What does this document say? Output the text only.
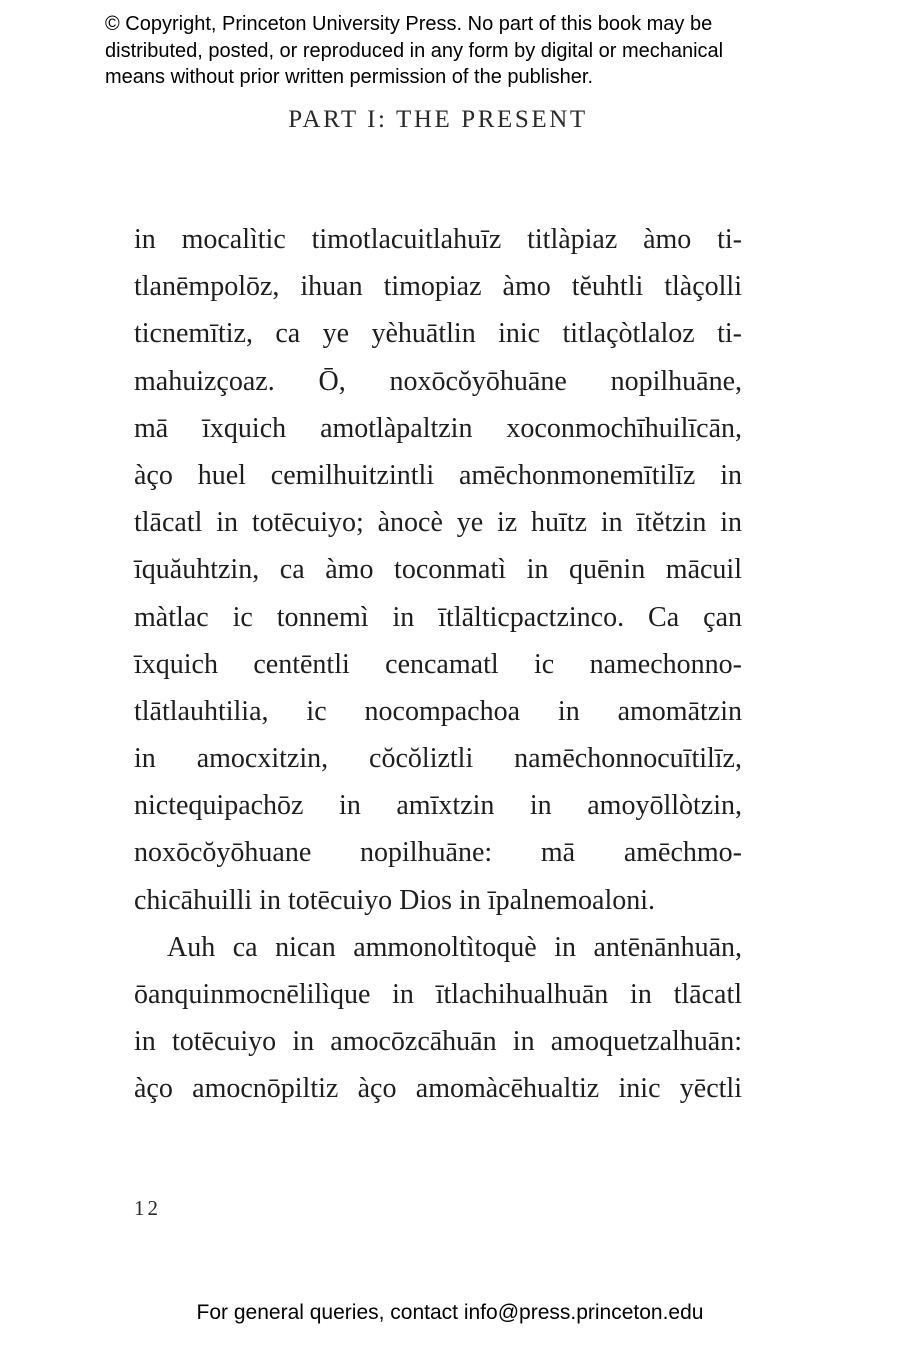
© Copyright, Princeton University Press. No part of this book may be
distributed, posted, or reproduced in any form by digital or mechanical
means without prior written permission of the publisher.
PART I: THE PRESENT
in mocalìtic timotlacuitlahuīz titlàpiaz àmo ti-
tlanēmpolōz, ihuan timopiaz àmo tĕuhtli tlàçolli
ticnemītiz, ca ye yèhuātlin inic titlaçòtlaloz ti-
mahuizçoaz. Ō, noxōcŏyōhuāne nopilhuāne,
mā īxquich amotlàpaltzin xoconmochīhuilīcān,
àço huel cemilhuitzintli amēchonmonemītilīz in
tlācatl in totēcuiyo; ànocè ye iz huītz in ītĕtzin in
īquăuhtzin, ca àmo toconmatì in quēnin mācuil
màtlac ic tonnemì in ītlālticpactzinco. Ca çan
īxquich centēntli cencamatl ic namechonno-
tlātlauhtilia, ic nocompachoa in amomātzin
in amocxitzin, cŏcŏliztli namēchonnocuītilīz,
nictequipachōz in amīxtzin in amoyōllòtzin,
noxōcŏyōhuane nopilhuāne: mā amēchmo-
chicāhuilli in totēcuiyo Dios in īpalnemoaloni.
Auh ca nican ammonoltìtoquè in antēnānhuān,
ōanquinmocnēlilìque in ītlachihualhuān in tlācatl
in totēcuiyo in amocōzcāhuān in amoquetzalhuān:
àço amocnōpiltiz àço amomàcēhualtiz inic yēctli
12
For general queries, contact info@press.princeton.edu
